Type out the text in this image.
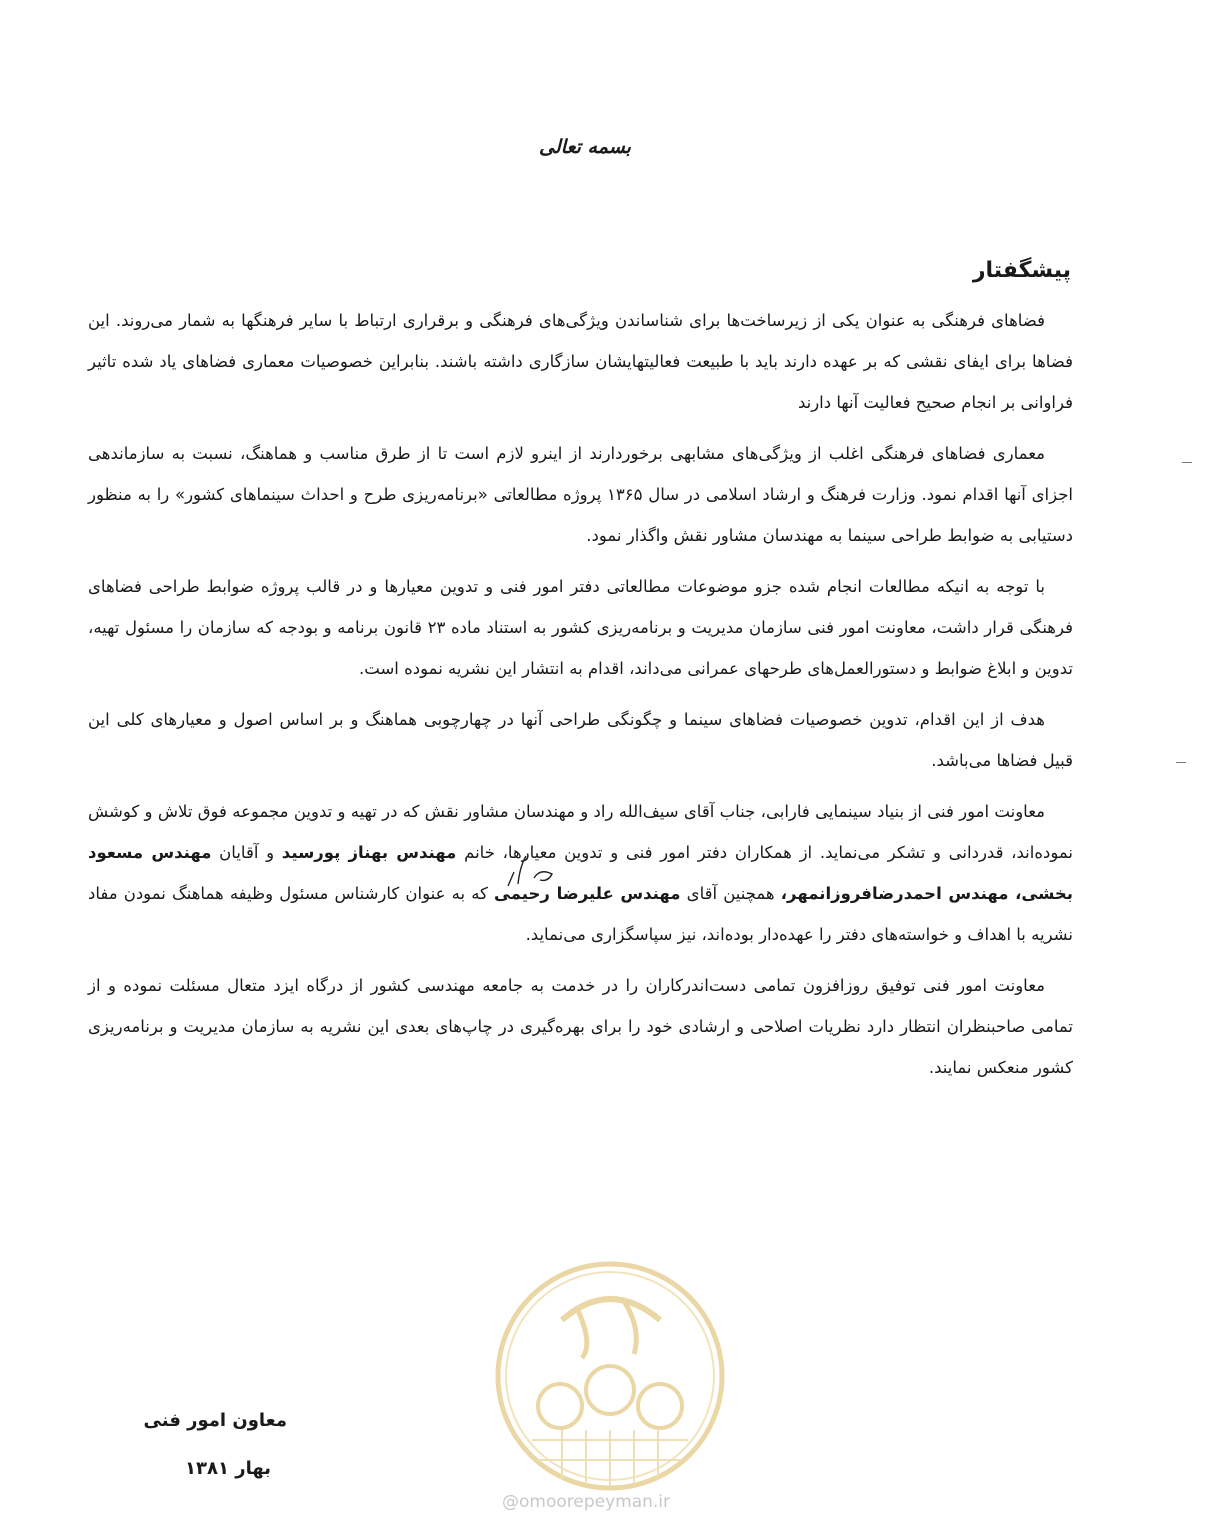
بسمه تعالی
پیشگفتار

فضاهای فرهنگی به عنوان یکی از زیرساخت‌ها برای شناساندن ویژگی‌های فرهنگی و برقراری ارتباط با سایر فرهنگها به شمار می‌روند. این فضاها برای ایفای نقشی که بر عهده دارند باید با طبیعت فعالیتهایشان سازگاری داشته باشند. بنابراین خصوصیات معماری فضاهای یاد شده تاثیر فراوانی بر انجام صحیح فعالیت آنها دارند

معماری فضاهای فرهنگی اغلب از ویژگی‌های مشابهی برخوردارند از اینرو لازم است تا از طرق مناسب و هماهنگ، نسبت به سازماندهی اجزای آنها اقدام نمود. وزارت فرهنگ و ارشاد اسلامی در سال ۱۳۶۵ پروژه مطالعاتی «برنامه‌ریزی طرح و احداث سینماهای کشور» را به منظور دستیابی به ضوابط طراحی سینما به مهندسان مشاور نقش واگذار نمود.

با توجه به انیکه مطالعات انجام شده جزو موضوعات مطالعاتی دفتر امور فنی و تدوین معیارها و در قالب پروژه ضوابط طراحی فضاهای فرهنگی قرار داشت، معاونت امور فنی سازمان مدیریت و برنامه‌ریزی کشور به استناد ماده ۲۳ قانون برنامه و بودجه که سازمان را مسئول تهیه، تدوین و ابلاغ ضوابط و دستورالعمل‌های طرحهای عمرانی می‌داند، اقدام به انتشار این نشریه نموده است.

هدف از این اقدام، تدوین خصوصیات فضاهای سینما و چگونگی طراحی آنها در چهارچوبی هماهنگ و بر اساس اصول و معیارهای کلی این قبیل فضاها می‌باشد.

معاونت امور فنی از بنیاد سینمایی فارابی، جناب آقای سیف‌الله راد و مهندسان مشاور نقش که در تهیه و تدوین مجموعه فوق تلاش و کوشش نموده‌اند، قدردانی و تشکر می‌نماید. از همکاران دفتر امور فنی و تدوین معیارها، خانم مهندس بهناز پورسید و آقایان مهندس مسعود بخشی، مهندس احمدرضافروزانمهر، همچنین آقای مهندس علیرضا رحیمی که به عنوان کارشناس مسئول وظیفه هماهنگ نمودن مفاد نشریه با اهداف و خواسته‌های دفتر را عهده‌دار بوده‌اند، نیز سپاسگزاری می‌نماید.

معاونت امور فنی توفیق روزافزون تمامی دست‌اندرکاران را در خدمت به جامعه مهندسی کشور از درگاه ایزد متعال مسئلت نموده و از تمامی صاحبنظران انتظار دارد نظریات اصلاحی و ارشادی خود را برای بهره‌گیری در چاپ‌های بعدی این نشریه به سازمان مدیریت و برنامه‌ریزی کشور منعکس نمایند.

@omoorepeyman.ir
معاون امور فنی
بهار ۱۳۸۱
